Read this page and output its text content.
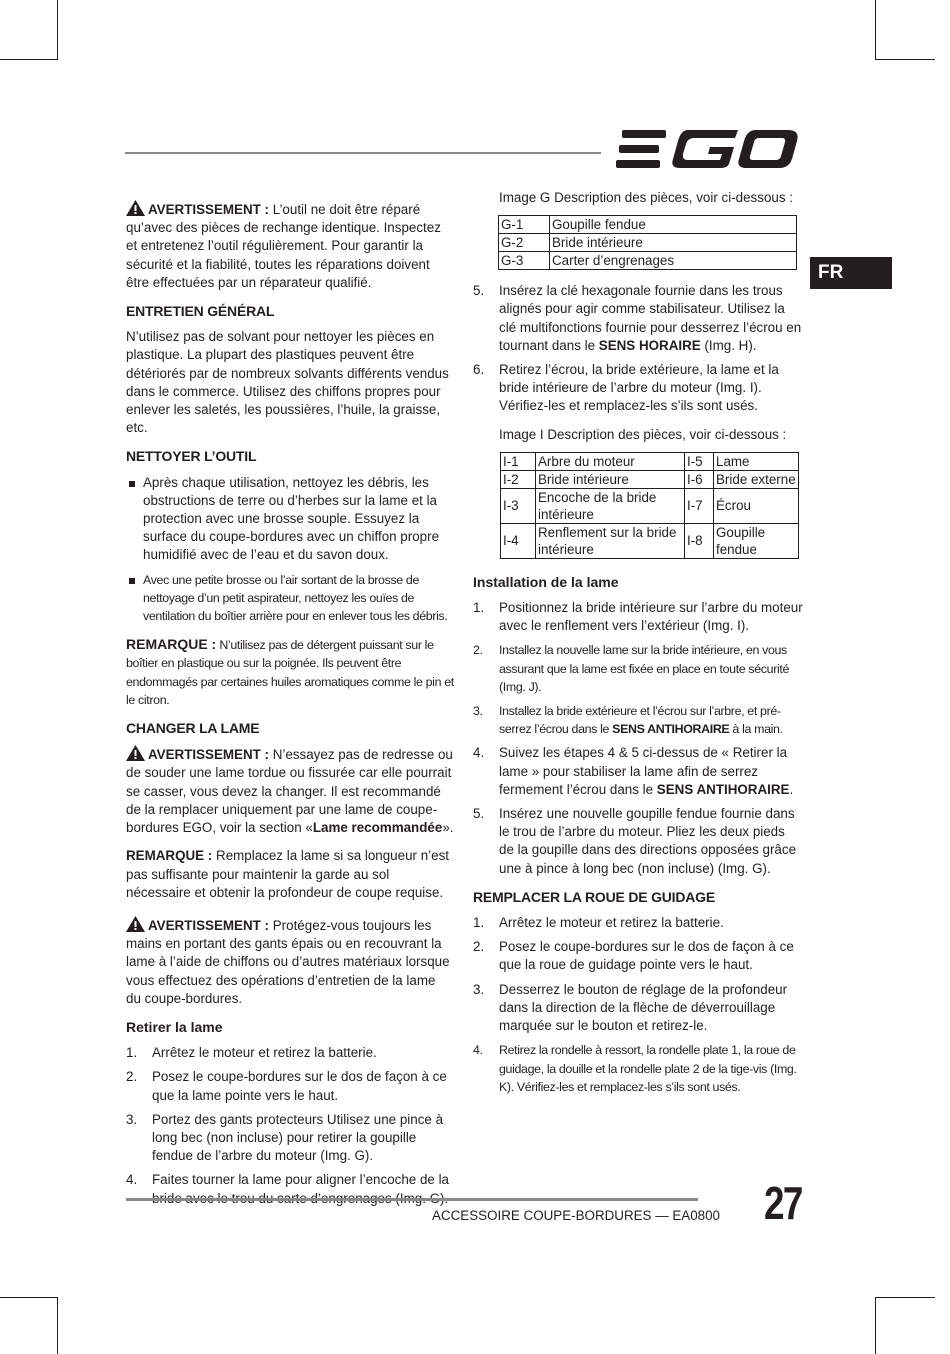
FR

AVERTISSEMENT : L’outil ne doit être réparé qu’avec des pièces de rechange identique. Inspectez et entretenez l’outil régulièrement. Pour garantir la sécurité et la fiabilité, toutes les réparations doivent être effectuées par un réparateur qualifié.

ENTRETIEN GÉNÉRAL

N’utilisez pas de solvant pour nettoyer les pièces en plastique. La plupart des plastiques peuvent être détériorés par de nombreux solvants différents vendus dans le commerce. Utilisez des chiffons propres pour enlever les saletés, les poussières, l’huile, la graisse, etc.

NETTOYER L’OUTIL
Après chaque utilisation, nettoyez les débris, les obstructions de terre ou d’herbes sur la lame et la protection avec une brosse souple. Essuyez la surface du coupe-bordures avec un chiffon propre humidifié avec de l’eau et du savon doux.
Avec une petite brosse ou l’air sortant de la brosse de nettoyage d’un petit aspirateur, nettoyez les ouïes de ventilation du boîtier arrière pour en enlever tous les débris.

REMARQUE : N’utilisez pas de détergent puissant sur le boîtier en plastique ou sur la poignée. Ils peuvent être endommagés par certaines huiles aromatiques comme le pin et le citron.

CHANGER LA LAME

AVERTISSEMENT : N’essayez pas de redresse ou de souder une lame tordue ou fissurée car elle pourrait se casser, vous devez la changer. Il est recommandé de la remplacer uniquement par une lame de coupe-bordures EGO, voir la section «Lame recommandée».

REMARQUE : Remplacez la lame si sa longueur n’est pas suffisante pour maintenir la garde au sol nécessaire et obtenir la profondeur de coupe requise.

AVERTISSEMENT : Protégez-vous toujours les mains en portant des gants épais ou en recouvrant la lame à l’aide de chiffons ou d’autres matériaux lorsque vous effectuez des opérations d’entretien de la lame du coupe-bordures.

Retirer la lame
1.	Arrêtez le moteur et retirez la batterie.
2.	Posez le coupe-bordures sur le dos de façon à ce que la lame pointe vers le haut.
3.	Portez des gants protecteurs Utilisez une pince à long bec (non incluse) pour retirer la goupille fendue de l’arbre du moteur (Img. G).
4.	Faites tourner la lame pour aligner l’encoche de la
Image G Description des pièces, voir ci-dessous :
G-1	Goupille fendue
G-2	Bride intérieure
G-3	Carter d’engrenages
5.	Insérez la clé hexagonale fournie dans les trous alignés pour agir comme stabilisateur. Utilisez la clé multifonctions fournie pour desserrez l’écrou en tournant dans le SENS HORAIRE (Img. H).
6.	Retirez l’écrou, la bride extérieure, la lame et la bride intérieure de l’arbre du moteur (Img. I). Vérifiez-les et remplacez-les s’ils sont usés.
Image I Description des pièces, voir ci-dessous :
I-1	Arbre du moteur	I-5	Lame
I-2	Bride intérieure	I-6	Bride externe
I-3	Encoche de la bride intérieure	I-7	Écrou
I-4	Renflement sur la bride intérieure	I-8	Goupille fendue
Installation de la lame
1.	Positionnez la bride intérieure sur l’arbre du moteur avec le renflement vers l’extérieur (Img. I).
2.	Installez la nouvelle lame sur la bride intérieure, en vous assurant que la lame est fixée en place en toute sécurité (Img. J).
3.	Installez la bride extérieure et l’écrou sur l’arbre, et pré-serrez l’écrou dans le SENS ANTIHORAIRE à la main.
4.	Suivez les étapes 4 & 5 ci-dessus de « Retirer la lame » pour stabiliser la lame afin de serrez fermement l’écrou dans le SENS ANTIHORAIRE.
5.	Insérez une nouvelle goupille fendue fournie dans le trou de l’arbre du moteur. Pliez les deux pieds de la goupille dans des directions opposées grâce une à pince à long bec (non incluse) (Img. G).
REMPLACER LA ROUE DE GUIDAGE
1.	Arrêtez le moteur et retirez la batterie.
2.	Posez le coupe-bordures sur le dos de façon à ce que la roue de guidage pointe vers le haut.
3.	Desserrez le bouton de réglage de la profondeur dans la direction de la flèche de déverrouillage marquée sur le bouton et retirez-le.
4.	Retirez la rondelle à ressort, la rondelle plate 1, la roue de guidage, la douille et la rondelle plate 2 de la tige-vis (Img. K). Vérifiez-les et remplacez-les s’ils sont usés.
ACCESSOIRE COUPE-BORDURES — EA0800 27
